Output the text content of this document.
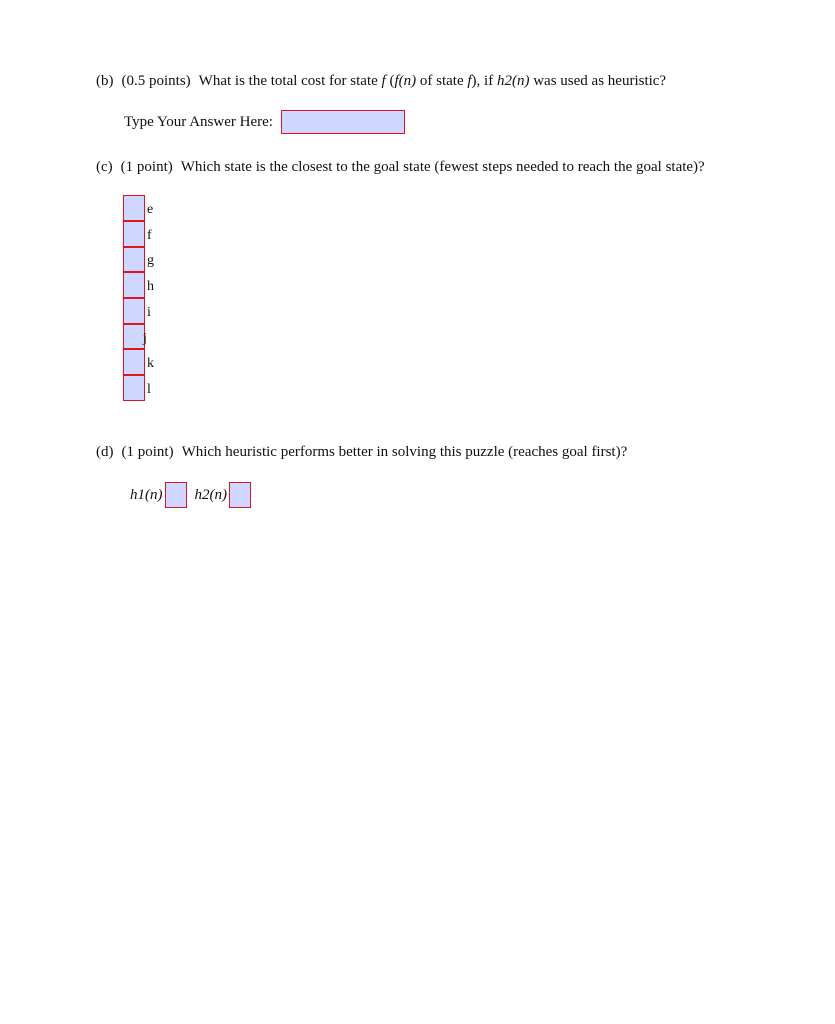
(b) (0.5 points) What is the total cost for state f (f(n) of state f), if h2(n) was used as heuristic?
Type Your Answer Here:
(c) (1 point) Which state is the closest to the goal state (fewest steps needed to reach the goal state)?
e
f
g
h
i
j
k
l
(d) (1 point) Which heuristic performs better in solving this puzzle (reaches goal first)?
h1(n) h2(n)
